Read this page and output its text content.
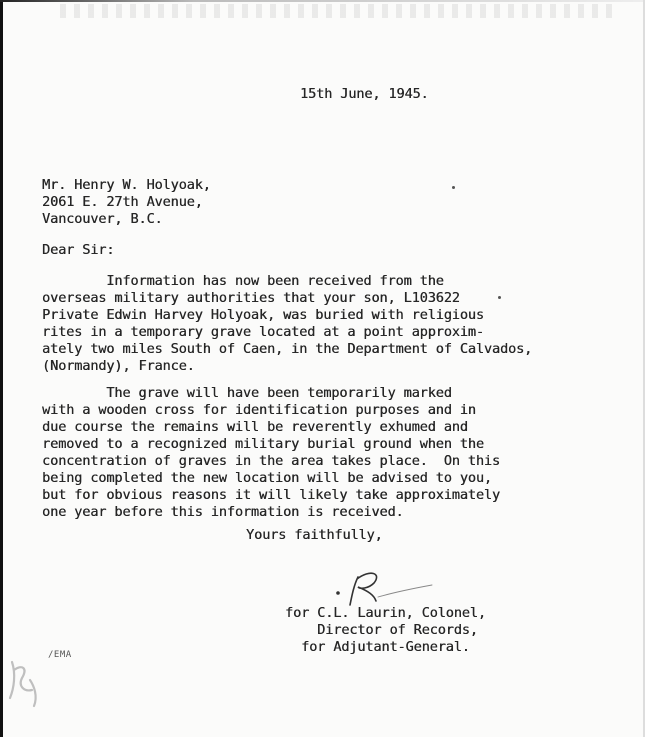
15th June, 1945.
Mr. Henry W. Holyoak,
2061 E. 27th Avenue,
Vancouver, B.C.
Dear Sir:
Information has now been received from the
overseas military authorities that your son, L103622
Private Edwin Harvey Holyoak, was buried with religious
rites in a temporary grave located at a point approxim-
ately two miles South of Caen, in the Department of Calvados,
(Normandy), France.
The grave will have been temporarily marked
with a wooden cross for identification purposes and in
due course the remains will be reverently exhumed and
removed to a recognized military burial ground when the
concentration of graves in the area takes place.  On this
being completed the new location will be advised to you,
but for obvious reasons it will likely take approximately
one year before this information is received.
Yours faithfully,
for C.L. Laurin, Colonel,
Director of Records,
for Adjutant-General.
/EMA
